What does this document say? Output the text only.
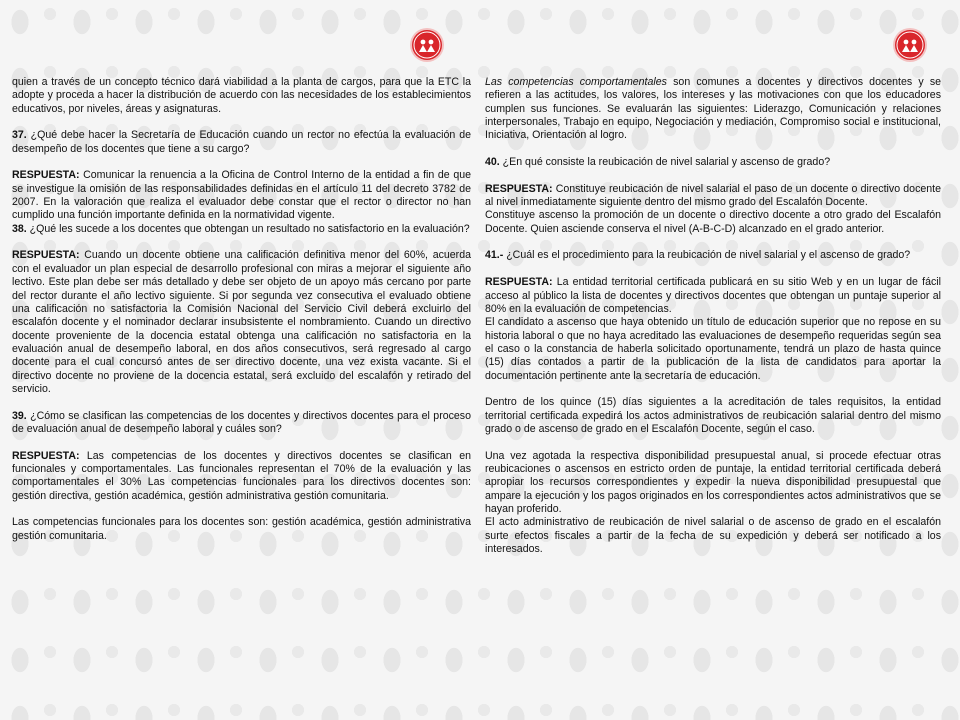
quien a través de un concepto técnico dará viabilidad a la planta de cargos, para que la ETC la adopte y proceda a hacer la distribución de acuerdo con las necesidades de los establecimientos educativos, por niveles, áreas y asignaturas.

37. ¿Qué debe hacer la Secretaría de Educación cuando un rector no efectúa la evaluación de desempeño de los docentes que tiene a su cargo?

RESPUESTA: Comunicar la renuencia a la Oficina de Control Interno de la entidad a fin de que se investigue la omisión de las responsabilidades definidas en el artículo 11 del decreto 3782 de 2007. En la valoración que realiza el evaluador debe constar que el rector o director no han cumplido una función importante definida en la normatividad vigente.

38. ¿Qué les sucede a los docentes que obtengan un resultado no satisfactorio en la evaluación?

RESPUESTA: Cuando un docente obtiene una calificación definitiva menor del 60%, acuerda con el evaluador un plan especial de desarrollo profesional con miras a mejorar el siguiente año lectivo. Este plan debe ser más detallado y debe ser objeto de un apoyo más cercano por parte del rector durante el año lectivo siguiente. Si por segunda vez consecutiva el evaluado obtiene una calificación no satisfactoria la Comisión Nacional del Servicio Civil deberá excluirlo del escalafón docente y el nominador declarar insubsistente el nombramiento. Cuando un directivo docente proveniente de la docencia estatal obtenga una calificación no satisfactoria en la evaluación anual de desempeño laboral, en dos años consecutivos, será regresado al cargo docente para el cual concursó antes de ser directivo docente, una vez exista vacante. Si el directivo docente no proviene de la docencia estatal, será excluido del escalafón y retirado del servicio.

39. ¿Cómo se clasifican las competencias de los docentes y directivos docentes para el proceso de evaluación anual de desempeño laboral y cuáles son?

RESPUESTA: Las competencias de los docentes y directivos docentes se clasifican en funcionales y comportamentales. Las funcionales representan el 70% de la evaluación y las comportamentales el 30% Las competencias funcionales para los directivos docentes son: gestión directiva, gestión académica, gestión administrativa gestión comunitaria.

Las competencias funcionales para los docentes son: gestión académica, gestión administrativa gestión comunitaria.

Las competencias comportamentales son comunes a docentes y directivos docentes y se refieren a las actitudes, los valores, los intereses y las motivaciones con que los educadores cumplen sus funciones. Se evaluarán las siguientes: Liderazgo, Comunicación y relaciones interpersonales, Trabajo en equipo, Negociación y mediación, Compromiso social e institucional, Iniciativa, Orientación al logro.

40. ¿En qué consiste la reubicación de nivel salarial y ascenso de grado?

RESPUESTA: Constituye reubicación de nivel salarial el paso de un docente o directivo docente al nivel inmediatamente siguiente dentro del mismo grado del Escalafón Docente.

Constituye ascenso la promoción de un docente o directivo docente a otro grado del Escalafón Docente. Quien asciende conserva el nivel (A-B-C-D) alcanzado en el grado anterior.

41.- ¿Cuál es el procedimiento para la reubicación de nivel salarial y el ascenso de grado?

RESPUESTA: La entidad territorial certificada publicará en su sitio Web y en un lugar de fácil acceso al público la lista de docentes y directivos docentes que obtengan un puntaje superior al 80% en la evaluación de competencias.

El candidato a ascenso que haya obtenido un título de educación superior que no repose en su historia laboral o que no haya acreditado las evaluaciones de desempeño requeridas según sea el caso o la constancia de haberla solicitado oportunamente, tendrá un plazo de hasta quince (15) días contados a partir de la publicación de la lista de candidatos para aportar la documentación pertinente ante la secretaría de educación.

Dentro de los quince (15) días siguientes a la acreditación de tales requisitos, la entidad territorial certificada expedirá los actos administrativos de reubicación salarial dentro del mismo grado o de ascenso de grado en el Escalafón Docente, según el caso.

Una vez agotada la respectiva disponibilidad presupuestal anual, si procede efectuar otras reubicaciones o ascensos en estricto orden de puntaje, la entidad territorial certificada deberá apropiar los recursos correspondientes y expedir la nueva disponibilidad presupuestal que ampare la ejecución y los pagos originados en los correspondientes actos administrativos que se hayan proferido.

El acto administrativo de reubicación de nivel salarial o de ascenso de grado en el escalafón surte efectos fiscales a partir de la fecha de su expedición y deberá ser notificado a los interesados.
